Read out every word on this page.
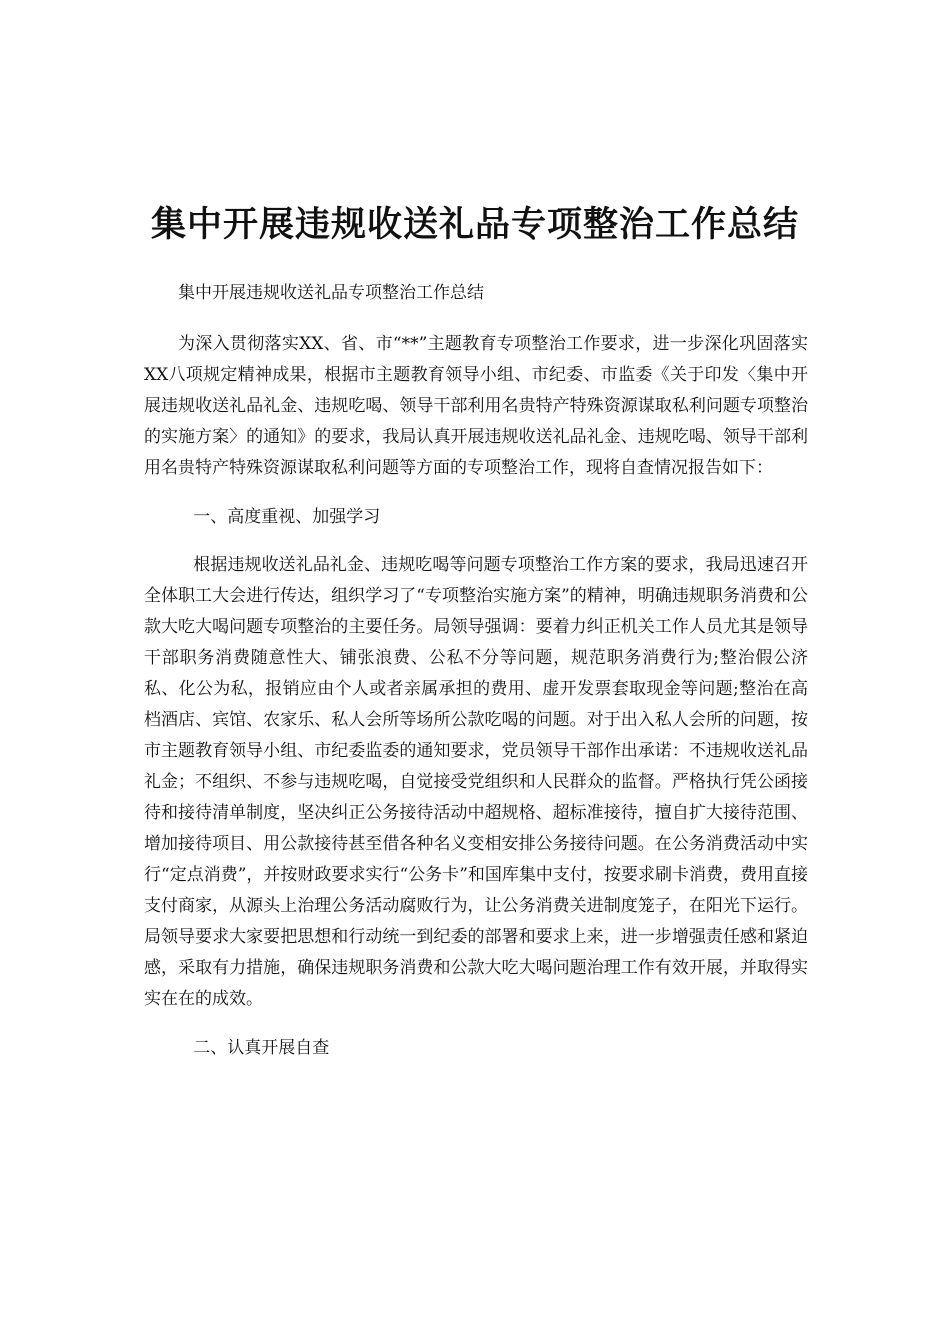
集中开展违规收送礼品专项整治工作总结

集中开展违规收送礼品专项整治工作总结

为深入贯彻落实XX、省、市“**”主题教育专项整治工作要求，进一步深化巩固落实XX八项规定精神成果，根据市主题教育领导小组、市纪委、市监委《关于印发〈集中开展违规收送礼品礼金、违规吃喝、领导干部利用名贵特产特殊资源谋取私利问题专项整治的实施方案〉的通知》的要求，我局认真开展违规收送礼品礼金、违规吃喝、领导干部利用名贵特产特殊资源谋取私利问题等方面的专项整治工作，现将自查情况报告如下：

一、高度重视、加强学习

根据违规收送礼品礼金、违规吃喝等问题专项整治工作方案的要求，我局迅速召开全体职工大会进行传达，组织学习了“专项整治实施方案”的精神，明确违规职务消费和公款大吃大喝问题专项整治的主要任务。局领导强调：要着力纠正机关工作人员尤其是领导干部职务消费随意性大、铺张浪费、公私不分等问题，规范职务消费行为;整治假公济私、化公为私，报销应由个人或者亲属承担的费用、虚开发票套取现金等问题;整治在高档酒店、宾馆、农家乐、私人会所等场所公款吃喝的问题。对于出入私人会所的问题，按市主题教育领导小组、市纪委监委的通知要求，党员领导干部作出承诺：不违规收送礼品礼金；不组织、不参与违规吃喝，自觉接受党组织和人民群众的监督。严格执行凭公函接待和接待清单制度，坚决纠正公务接待活动中超规格、超标准接待，擅自扩大接待范围、增加接待项目、用公款接待甚至借各种名义变相安排公务接待问题。在公务消费活动中实行“定点消费”，并按财政要求实行“公务卡”和国库集中支付，按要求刷卡消费，费用直接支付商家，从源头上治理公务活动腐败行为，让公务消费关进制度笼子，在阳光下运行。局领导要求大家要把思想和行动统一到纪委的部署和要求上来，进一步增强责任感和紧迫感，采取有力措施，确保违规职务消费和公款大吃大喝问题治理工作有效开展，并取得实实在在的成效。

二、认真开展自查
